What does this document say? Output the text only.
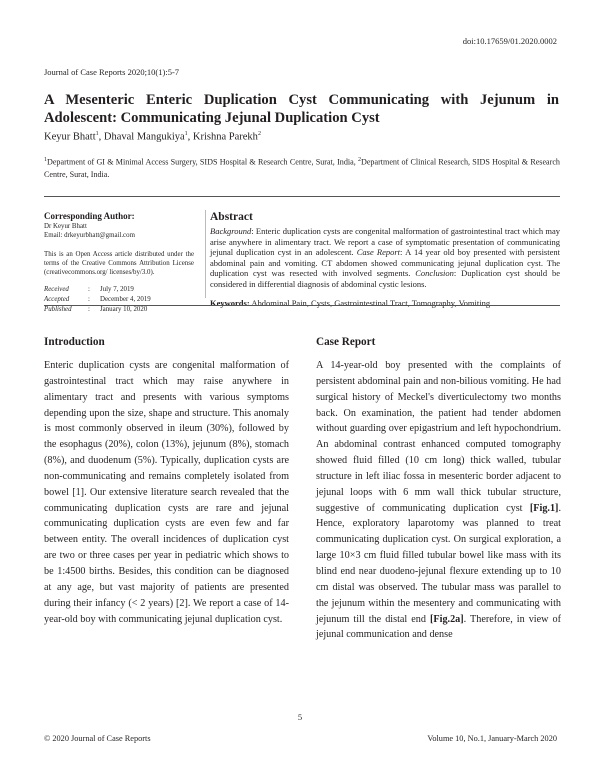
doi:10.17659/01.2020.0002
Journal of Case Reports 2020;10(1):5-7
A Mesenteric Enteric Duplication Cyst Communicating with Jejunum in Adolescent: Communicating Jejunal Duplication Cyst
Keyur Bhatt$^1$, Dhaval Mangukiya$^1$, Krishna Parekh$^2$
$^1$Department of GI & Minimal Access Surgery, SIDS Hospital & Research Centre, Surat, India, $^2$Department of Clinical Research, SIDS Hospital & Research Centre, Surat, India.
Corresponding Author:
Dr Keyur Bhatt
Email: drkeyurbhatt@gmail.com
This is an Open Access article distributed under the terms of the Creative Commons Attribution License (creativecommons.org/ licenses/by/3.0).
Received	:	July 7, 2019
Accepted	:	December 4, 2019
Published	:	January 10, 2020
Abstract
Background: Enteric duplication cysts are congenital malformation of gastrointestinal tract which may arise anywhere in alimentary tract. We report a case of symptomatic presentation of communicating jejunal duplication cyst in an adolescent. Case Report: A 14 year old boy presented with persistent abdominal pain and vomiting. CT abdomen showed communicating jejunal duplication cyst. The duplication cyst was resected with involved segments. Conclusion: Duplication cyst should be considered in differential diagnosis of abdominal cystic lesions.
Keywords: Abdominal Pain, Cysts, Gastrointestinal Tract, Tomography, Vomiting.
Introduction	Case Report
Enteric duplication cysts are congenital malformation of gastrointestinal tract which may raise anywhere in alimentary tract and presents with various symptoms depending upon the size, shape and structure. This anomaly is most commonly observed in ileum (30%), followed by the esophagus (20%), colon (13%), jejunum (8%), stomach (8%), and duodenum (5%). Typically, duplication cysts are non-communicating and remains completely isolated from bowel [1]. Our extensive literature search revealed that the communicating duplication cysts are rare and jejunal communicating duplication cysts are even few and far between entity. The overall incidences of duplication cyst are two or three cases per year in pediatric which shows to be 1:4500 births. Besides, this condition can be diagnosed at any age, but vast majority of patients are presented during their infancy (< 2 years) [2]. We report a case of 14-year-old boy with communicating jejunal duplication cyst.
A 14-year-old boy presented with the complaints of persistent abdominal pain and non-bilious vomiting. He had surgical history of Meckel's diverticulectomy two months back. On examination, the patient had tender abdomen without guarding over epigastrium and left hypochondrium. An abdominal contrast enhanced computed tomography showed fluid filled (10 cm long) thick walled, tubular structure in left iliac fossa in mesenteric border adjacent to jejunal loops with 6 mm wall thick tubular structure, suggestive of communicating duplication cyst [Fig.1]. Hence, exploratory laparotomy was planned to treat communicating duplication cyst. On surgical exploration, a large 10×3 cm fluid filled tubular bowel like mass with its blind end near duodeno-jejunal flexure extending up to 10 cm distal was observed. The tubular mass was parallel to the jejunum within the mesentery and communicating with jejunum till the distal end [Fig.2a]. Therefore, in view of jejunal communication and dense
5
© 2020 Journal of Case Reports	Volume 10, No.1, January-March 2020
